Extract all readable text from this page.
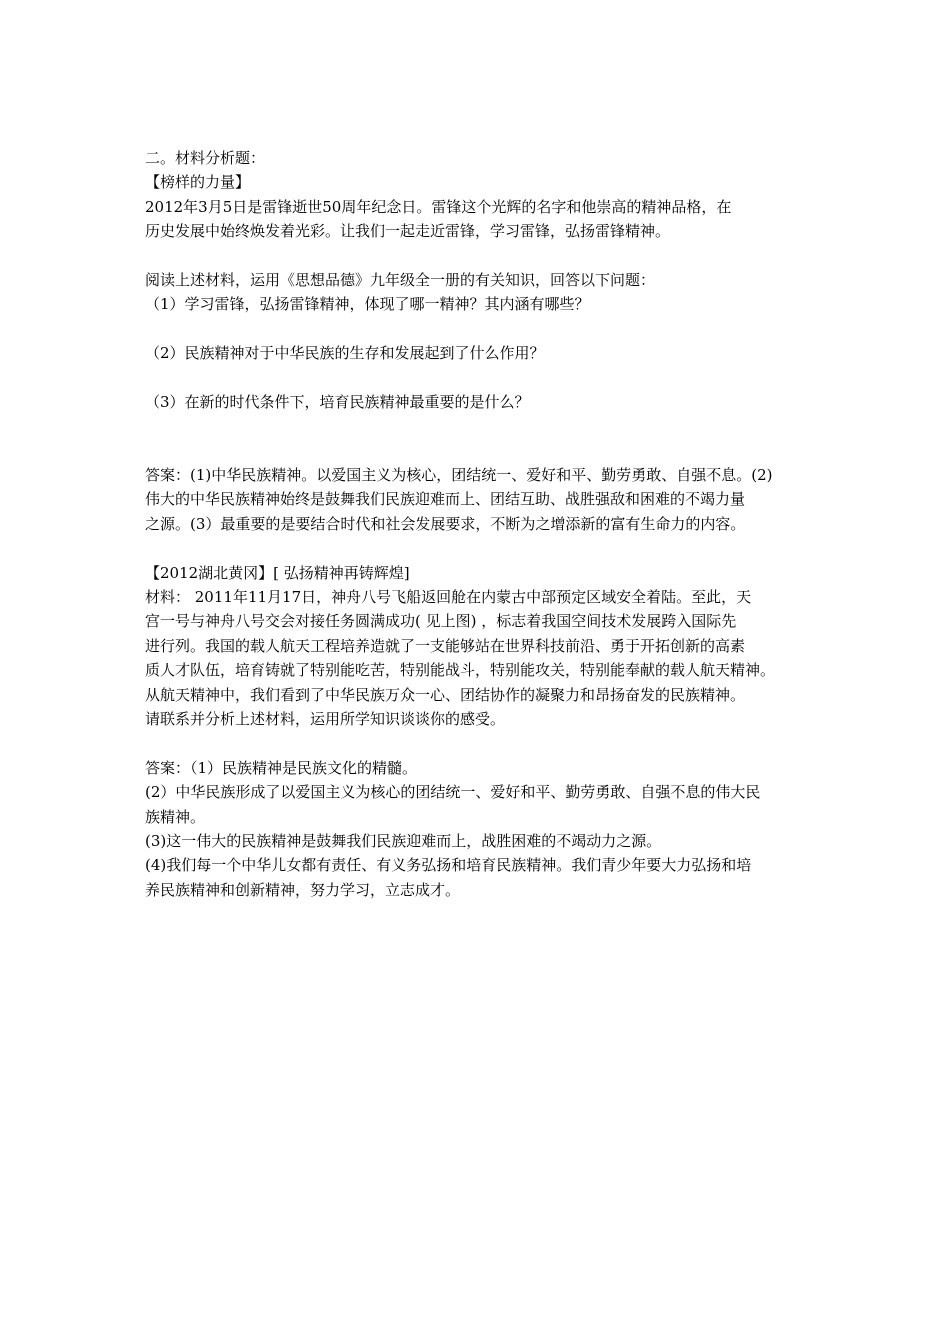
二。材料分析题：
【榜样的力量】
2012年3月5日是雷锋逝世50周年纪念日。雷锋这个光辉的名字和他崇高的精神品格，在
历史发展中始终焕发着光彩。让我们一起走近雷锋，学习雷锋，弘扬雷锋精神。
阅读上述材料，运用《思想品德》九年级全一册的有关知识，回答以下问题：
（1）学习雷锋，弘扬雷锋精神，体现了哪一精神？其内涵有哪些？
（2）民族精神对于中华民族的生存和发展起到了什么作用？
（3）在新的时代条件下，培育民族精神最重要的是什么？
答案：(1)中华民族精神。以爱国主义为核心，团结统一、爱好和平、勤劳勇敢、自强不息。(2)
伟大的中华民族精神始终是鼓舞我们民族迎难而上、团结互助、战胜强敌和困难的不竭力量
之源。(3）最重要的是要结合时代和社会发展要求，不断为之增添新的富有生命力的内容。
【2012湖北黄冈】[ 弘扬精神再铸辉煌]
材料： 2011年11月17日，神舟八号飞船返回舱在内蒙古中部预定区域安全着陆。至此，天
宫一号与神舟八号交会对接任务圆满成功( 见上图) ，标志着我国空间技术发展跨入国际先
进行列。我国的载人航天工程培养造就了一支能够站在世界科技前沿、勇于开拓创新的高素
质人才队伍，培育铸就了特别能吃苦，特别能战斗，特别能攻关，特别能奉献的载人航天精神。
从航天精神中，我们看到了中华民族万众一心、团结协作的凝聚力和昂扬奋发的民族精神。
请联系并分析上述材料，运用所学知识谈谈你的感受。
答案：（1）民族精神是民族文化的精髓。
(2）中华民族形成了以爱国主义为核心的团结统一、爱好和平、勤劳勇敢、自强不息的伟大民
族精神。
(3)这一伟大的民族精神是鼓舞我们民族迎难而上，战胜困难的不竭动力之源。
(4)我们每一个中华儿女都有责任、有义务弘扬和培育民族精神。我们青少年要大力弘扬和培
养民族精神和创新精神，努力学习，立志成才。
